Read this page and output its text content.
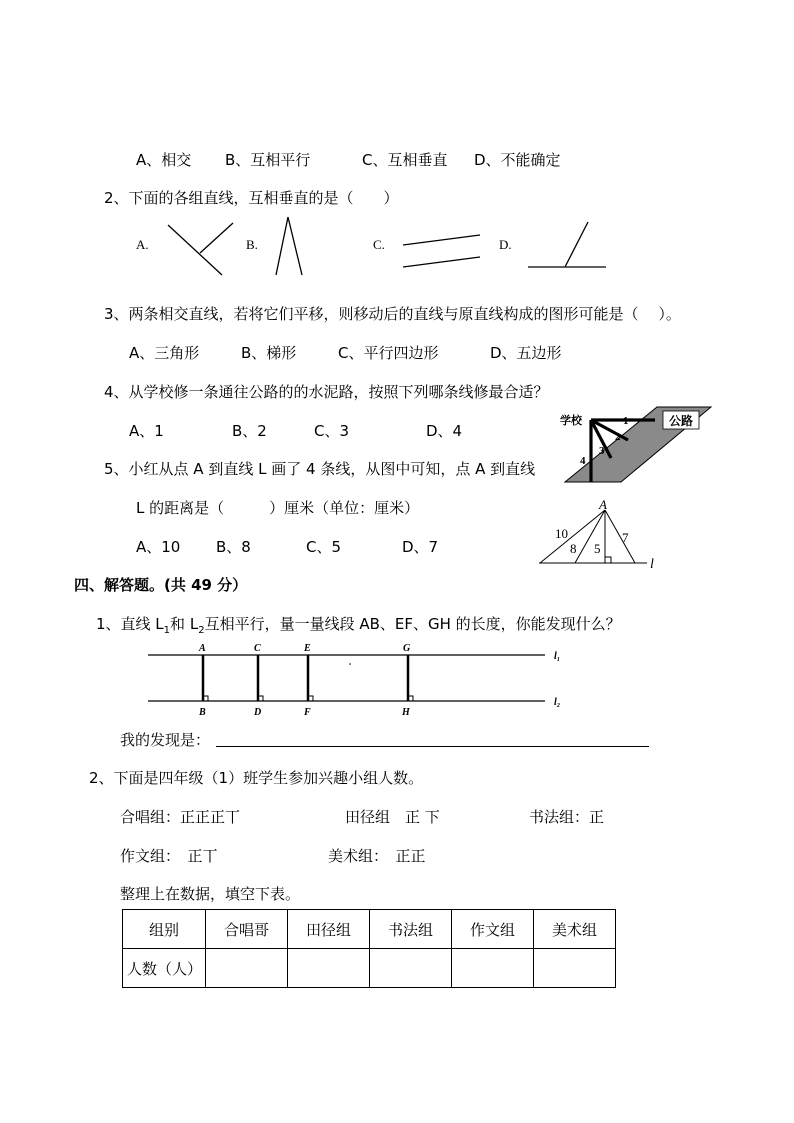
A、相交 B、互相平行	C、互相垂直 D、不能确定
2、下面的各组直线，互相垂直的是（　　）
A.	B.	C.	D.
3、两条相交直线，若将它们平移，则移动后的直线与原直线构成的图形可能是（　 ）。
A、三角形	B、梯形	C、平行四边形	D、五边形
4、从学校修一条通往公路的的水泥路，按照下列哪条线修最合适？
A、1	B、2	C、3	D、4
公路
学校	1
2
3
4
5、小红从点 A 到直线 L 画了 4 条线，从图中可知，点 A 到直线
L 的距离是（　　　）厘米（单位：厘米）
A、10 B、8	C、5	D、7
A
l
10
8 5
7
四、解答题。(共 49 分）
1、直线 $L_1$和 $L_2$互相平行，量一量线段 AB、EF、GH 的长度，你能发现什么？
A	C	E	G
B	D	F	H
l₁
l₂
我的发现是：
2、下面是四年级（1）班学生参加兴趣小组人数。
合唱组：正正正丅	田径组　正 下	书法组：正
作文组：　正丅	美术组：　正正
整理上在数据，填空下表。
组别	合唱哥	田径组	书法组	作文组	美术组
人数（人）					
